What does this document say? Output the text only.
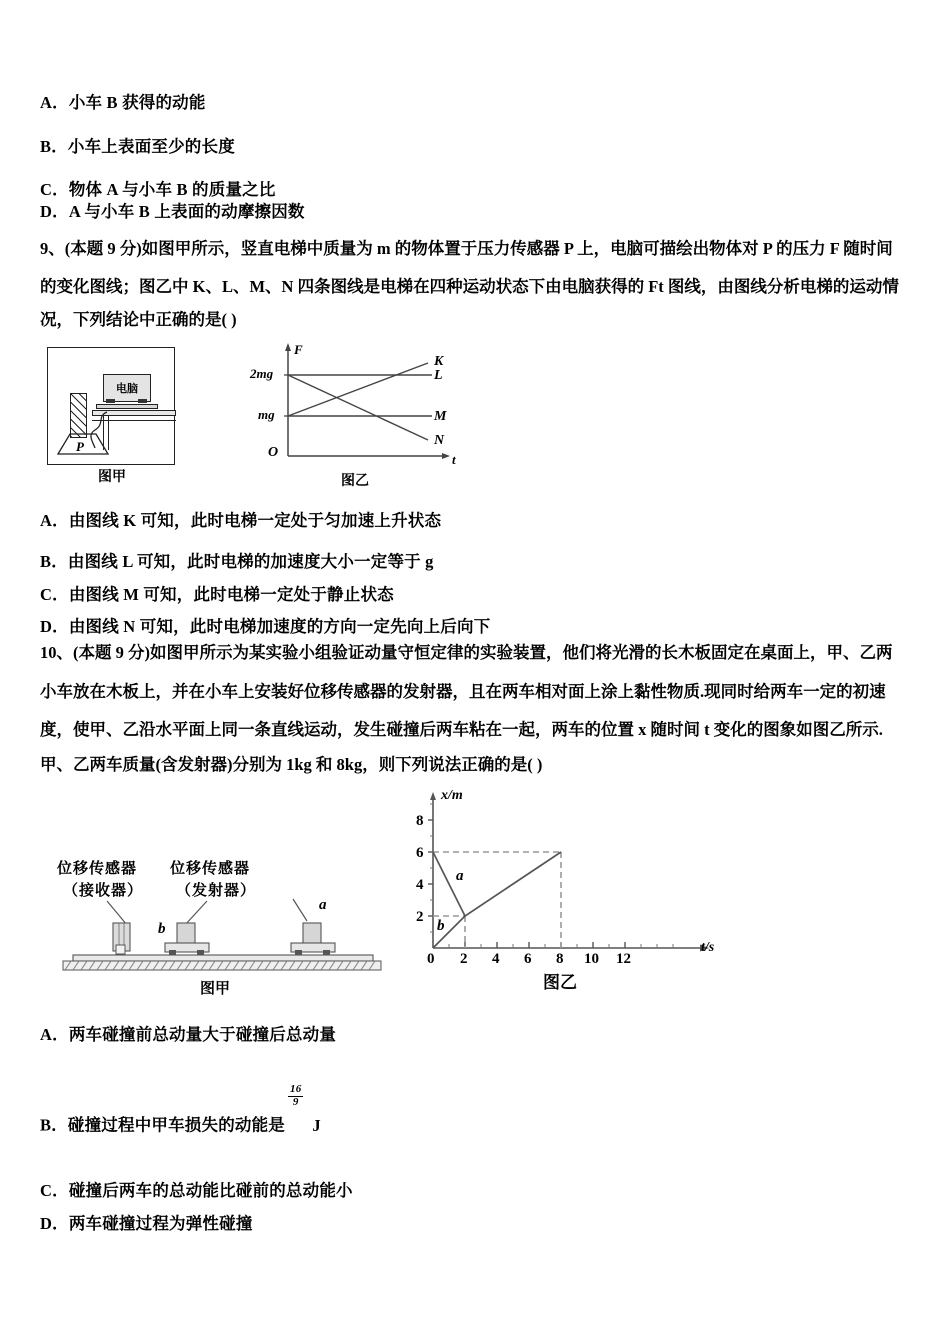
A．小车 B 获得的动能
B．小车上表面至少的长度
C．物体 A 与小车 B 的质量之比
D．A 与小车 B 上表面的动摩擦因数
9、(本题 9 分)如图甲所示，竖直电梯中质量为 m 的物体置于压力传感器 P 上，电脑可描绘出物体对 P 的压力 F 随时间
的变化图线；图乙中 K、L、M、N 四条图线是电梯在四种运动状态下由电脑获得的 Ft 图线，由图线分析电梯的运动情
况，下列结论中正确的是( )
电脑
P
图甲
F
t
O
2mg
mg
K
L
M
N
图乙
A．由图线 K 可知，此时电梯一定处于匀加速上升状态
B．由图线 L 可知，此时电梯的加速度大小一定等于 g
C．由图线 M 可知，此时电梯一定处于静止状态
D．由图线 N 可知，此时电梯加速度的方向一定先向上后向下
10、(本题 9 分)如图甲所示为某实验小组验证动量守恒定律的实验装置，他们将光滑的长木板固定在桌面上，甲、乙两
小车放在木板上，并在小车上安装好位移传感器的发射器，且在两车相对面上涂上黏性物质.现同时给两车一定的初速
度，使甲、乙沿水平面上同一条直线运动，发生碰撞后两车粘在一起，两车的位置 x 随时间 t 变化的图象如图乙所示.
甲、乙两车质量(含发射器)分别为 1kg 和 8kg，则下列说法正确的是( )
位移传感器
（接收器）
位移传感器
（发射器）
b
a
图甲
x/m
t/s
2
4
6
8
0 2 4 6 8 10 12
a
b
图乙
A．两车碰撞前总动量大于碰撞后总动量
B．碰撞过程中甲车损失的动能是
$\frac{16}{9}$
J
C．碰撞后两车的总动能比碰前的总动能小
D．两车碰撞过程为弹性碰撞
